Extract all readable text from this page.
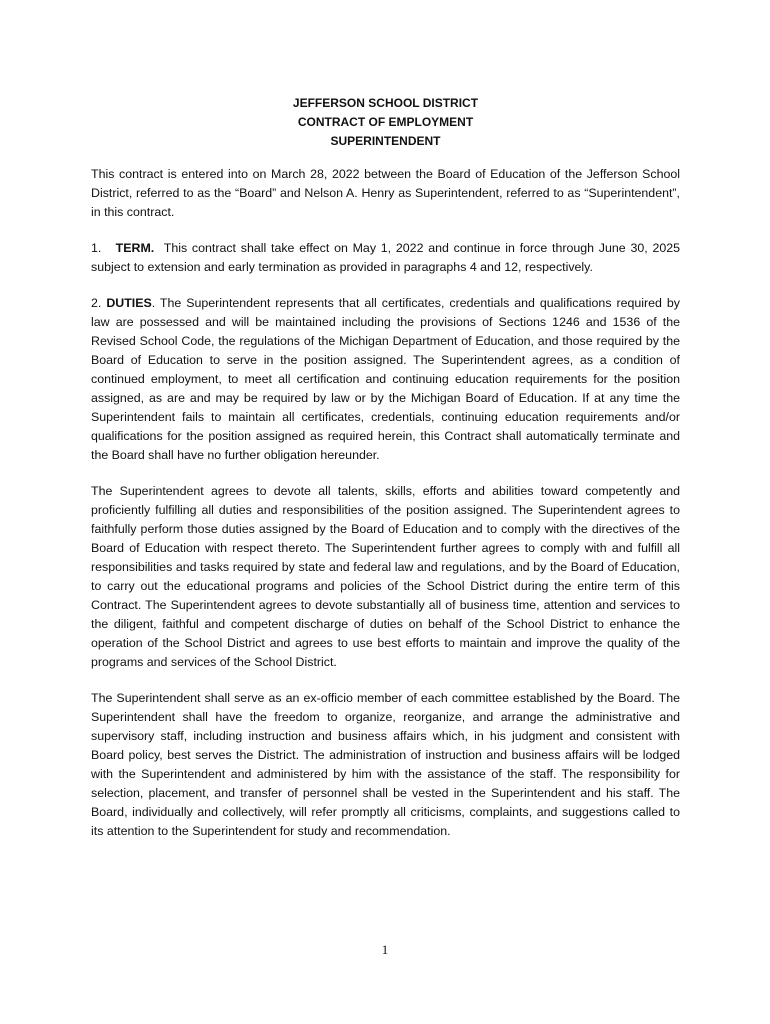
JEFFERSON SCHOOL DISTRICT
CONTRACT OF EMPLOYMENT
SUPERINTENDENT

This contract is entered into on March 28, 2022 between the Board of Education of the Jefferson School District, referred to as the “Board” and Nelson A. Henry as Superintendent, referred to as “Superintendent”, in this contract.

1. TERM. This contract shall take effect on May 1, 2022 and continue in force through June 30, 2025 subject to extension and early termination as provided in paragraphs 4 and 12, respectively.

2. DUTIES. The Superintendent represents that all certificates, credentials and qualifications required by law are possessed and will be maintained including the provisions of Sections 1246 and 1536 of the Revised School Code, the regulations of the Michigan Department of Education, and those required by the Board of Education to serve in the position assigned. The Superintendent agrees, as a condition of continued employment, to meet all certification and continuing education requirements for the position assigned, as are and may be required by law or by the Michigan Board of Education. If at any time the Superintendent fails to maintain all certificates, credentials, continuing education requirements and/or qualifications for the position assigned as required herein, this Contract shall automatically terminate and the Board shall have no further obligation hereunder.

The Superintendent agrees to devote all talents, skills, efforts and abilities toward competently and proficiently fulfilling all duties and responsibilities of the position assigned. The Superintendent agrees to faithfully perform those duties assigned by the Board of Education and to comply with the directives of the Board of Education with respect thereto. The Superintendent further agrees to comply with and fulfill all responsibilities and tasks required by state and federal law and regulations, and by the Board of Education, to carry out the educational programs and policies of the School District during the entire term of this Contract. The Superintendent agrees to devote substantially all of business time, attention and services to the diligent, faithful and competent discharge of duties on behalf of the School District to enhance the operation of the School District and agrees to use best efforts to maintain and improve the quality of the programs and services of the School District.

The Superintendent shall serve as an ex-officio member of each committee established by the Board. The Superintendent shall have the freedom to organize, reorganize, and arrange the administrative and supervisory staff, including instruction and business affairs which, in his judgment and consistent with Board policy, best serves the District. The administration of instruction and business affairs will be lodged with the Superintendent and administered by him with the assistance of the staff. The responsibility for selection, placement, and transfer of personnel shall be vested in the Superintendent and his staff. The Board, individually and collectively, will refer promptly all criticisms, complaints, and suggestions called to its attention to the Superintendent for study and recommendation.

1
